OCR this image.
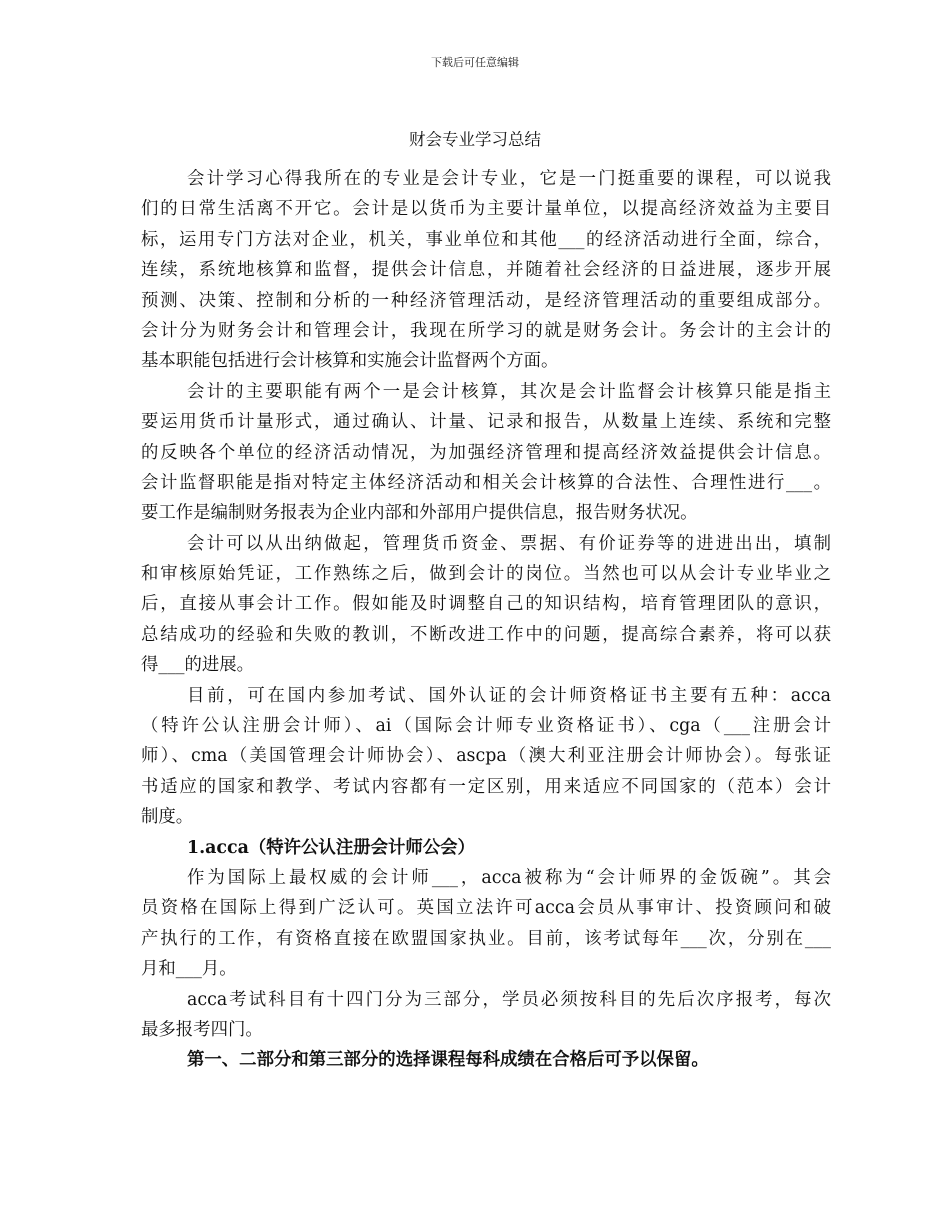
下载后可任意编辑
财会专业学习总结
会计学习心得我所在的专业是会计专业，它是一门挺重要的课程，可以说我
们的日常生活离不开它。会计是以货币为主要计量单位，以提高经济效益为主要目
标，运用专门方法对企业，机关，事业单位和其他___的经济活动进行全面，综合，
连续，系统地核算和监督，提供会计信息，并随着社会经济的日益进展，逐步开展
预测、决策、控制和分析的一种经济管理活动，是经济管理活动的重要组成部分。
会计分为财务会计和管理会计，我现在所学习的就是财务会计。务会计的主会计的
基本职能包括进行会计核算和实施会计监督两个方面。
会计的主要职能有两个一是会计核算，其次是会计监督会计核算只能是指主
要运用货币计量形式，通过确认、计量、记录和报告，从数量上连续、系统和完整
的反映各个单位的经济活动情况，为加强经济管理和提高经济效益提供会计信息。
会计监督职能是指对特定主体经济活动和相关会计核算的合法性、合理性进行___。
要工作是编制财务报表为企业内部和外部用户提供信息，报告财务状况。
会计可以从出纳做起，管理货币资金、票据、有价证券等的进进出出，填制
和审核原始凭证，工作熟练之后，做到会计的岗位。当然也可以从会计专业毕业之
后，直接从事会计工作。假如能及时调整自己的知识结构，培育管理团队的意识，
总结成功的经验和失败的教训，不断改进工作中的问题，提高综合素养，将可以获
得___的进展。
目前，可在国内参加考试、国外认证的会计师资格证书主要有五种：acca
（特许公认注册会计师）、ai（国际会计师专业资格证书）、cga（___注册会计
师）、cma（美国管理会计师协会）、ascpa（澳大利亚注册会计师协会）。每张证
书适应的国家和教学、考试内容都有一定区别，用来适应不同国家的（范本）会计
制度。
1.acca（特许公认注册会计师公会）
作为国际上最权威的会计师___，acca被称为“会计师界的金饭碗”。其会
员资格在国际上得到广泛认可。英国立法许可acca会员从事审计、投资顾问和破
产执行的工作，有资格直接在欧盟国家执业。目前，该考试每年___次，分别在___
月和___月。
acca考试科目有十四门分为三部分，学员必须按科目的先后次序报考，每次
最多报考四门。
第一、二部分和第三部分的选择课程每科成绩在合格后可予以保留。
